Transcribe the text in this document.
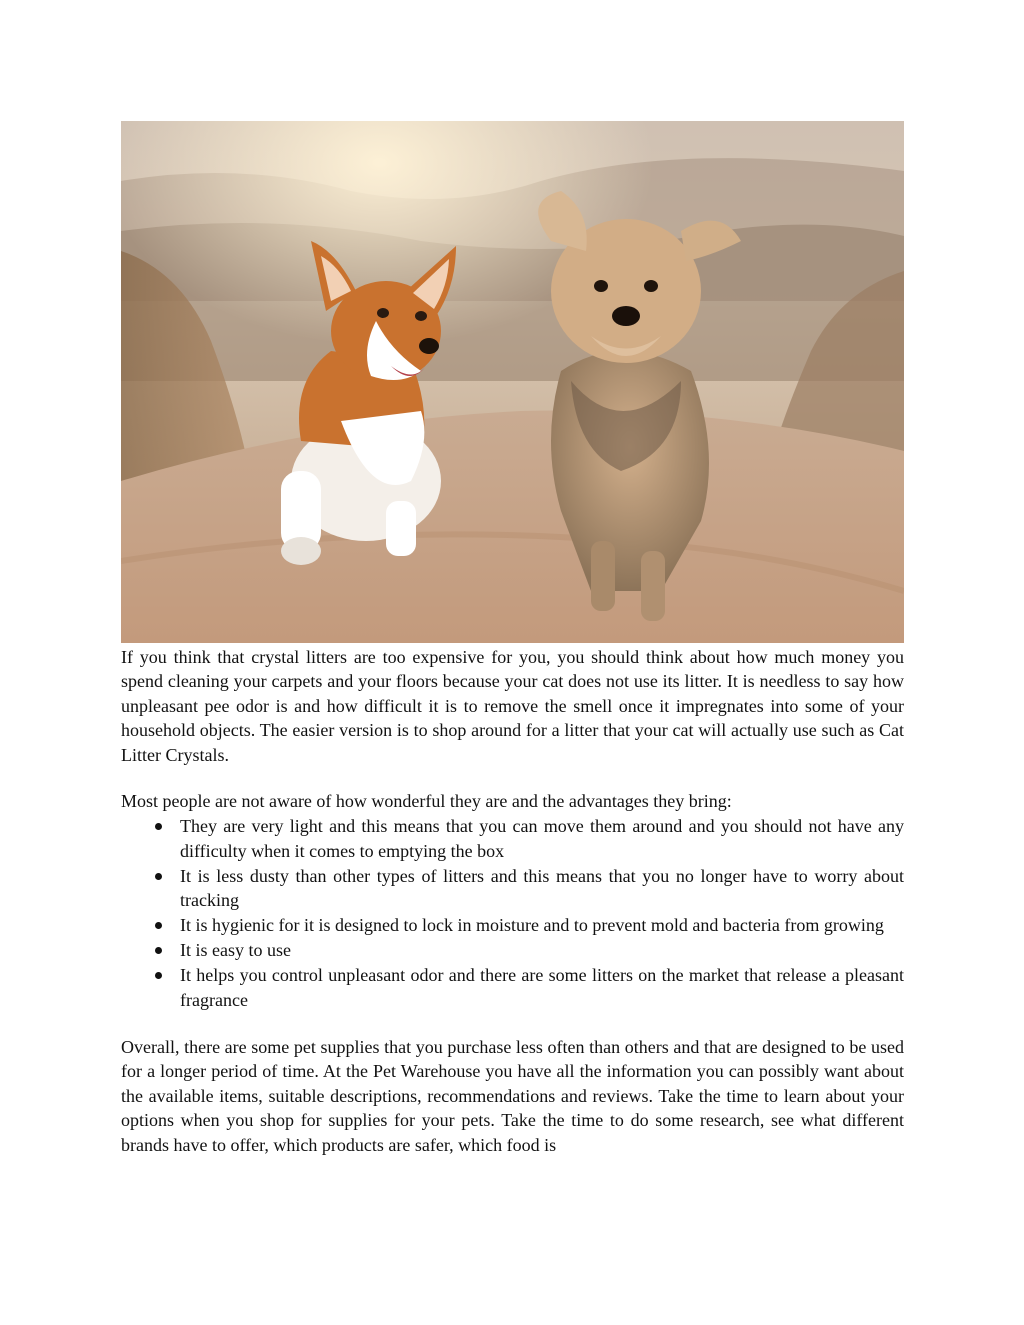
If you think that crystal litters are too expensive for you, you should think about how much money you spend cleaning your carpets and your floors because your cat does not use its litter. It is needless to say how unpleasant pee odor is and how difficult it is to remove the smell once it impregnates into some of your household objects. The easier version is to shop around for a litter that your cat will actually use such as Cat Litter Crystals.

Most people are not aware of how wonderful they are and the advantages they bring:

They are very light and this means that you can move them around and you should not have any difficulty when it comes to emptying the box
It is less dusty than other types of litters and this means that you no longer have to worry about tracking
It is hygienic for it is designed to lock in moisture and to prevent mold and bacteria from growing
It is easy to use
It helps you control unpleasant odor and there are some litters on the market that release a pleasant fragrance

Overall, there are some pet supplies that you purchase less often than others and that are designed to be used for a longer period of time. At the Pet Warehouse you have all the information you can possibly want about the available items, suitable descriptions, recommendations and reviews. Take the time to learn about your options when you shop for supplies for your pets. Take the time to do some research, see what different brands have to offer, which products are safer, which food is
